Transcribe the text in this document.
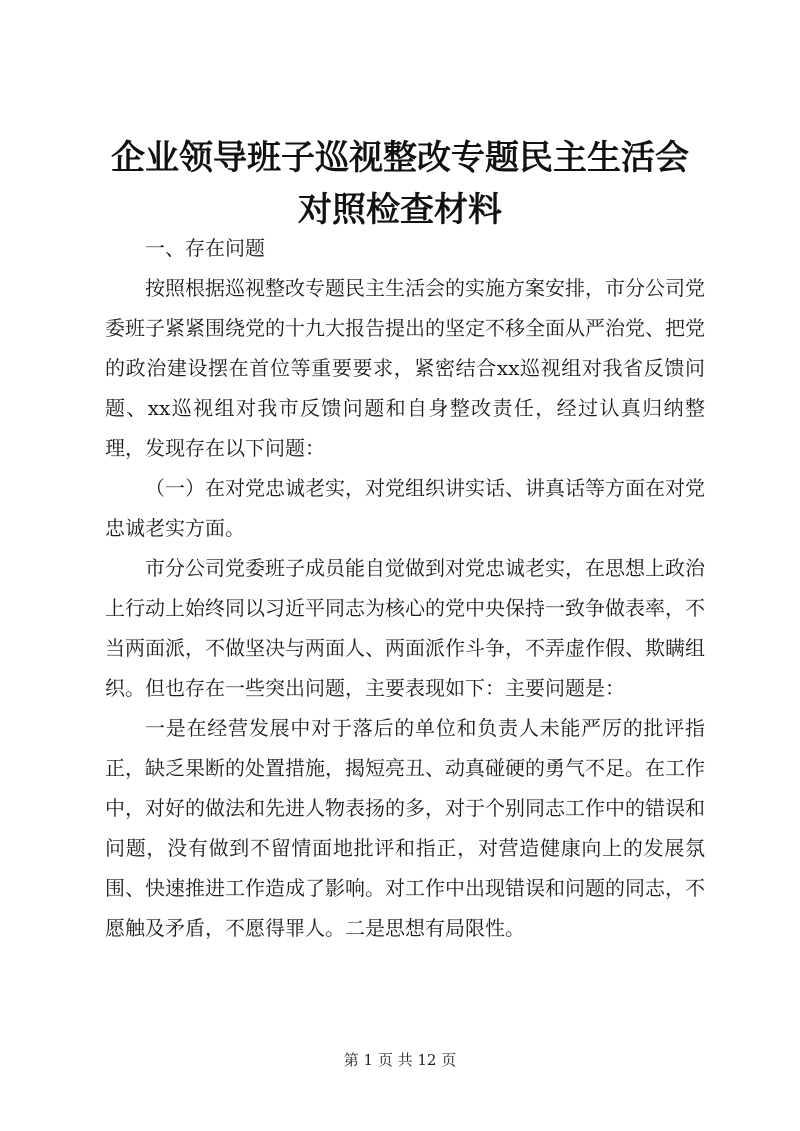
企业领导班子巡视整改专题民主生活会对照检查材料

一、存在问题

按照根据巡视整改专题民主生活会的实施方案安排，市分公司党委班子紧紧围绕党的十九大报告提出的坚定不移全面从严治党、把党的政治建设摆在首位等重要要求，紧密结合xx巡视组对我省反馈问题、xx巡视组对我市反馈问题和自身整改责任，经过认真归纳整理，发现存在以下问题：

（一）在对党忠诚老实，对党组织讲实话、讲真话等方面在对党忠诚老实方面。

市分公司党委班子成员能自觉做到对党忠诚老实，在思想上政治上行动上始终同以习近平同志为核心的党中央保持一致争做表率，不当两面派，不做坚决与两面人、两面派作斗争，不弄虚作假、欺瞒组织。但也存在一些突出问题，主要表现如下：主要问题是：

一是在经营发展中对于落后的单位和负责人未能严厉的批评指正，缺乏果断的处置措施，揭短亮丑、动真碰硬的勇气不足。在工作中，对好的做法和先进人物表扬的多，对于个别同志工作中的错误和问题，没有做到不留情面地批评和指正，对营造健康向上的发展氛围、快速推进工作造成了影响。对工作中出现错误和问题的同志，不愿触及矛盾，不愿得罪人。二是思想有局限性。

第 1 页 共 12 页
